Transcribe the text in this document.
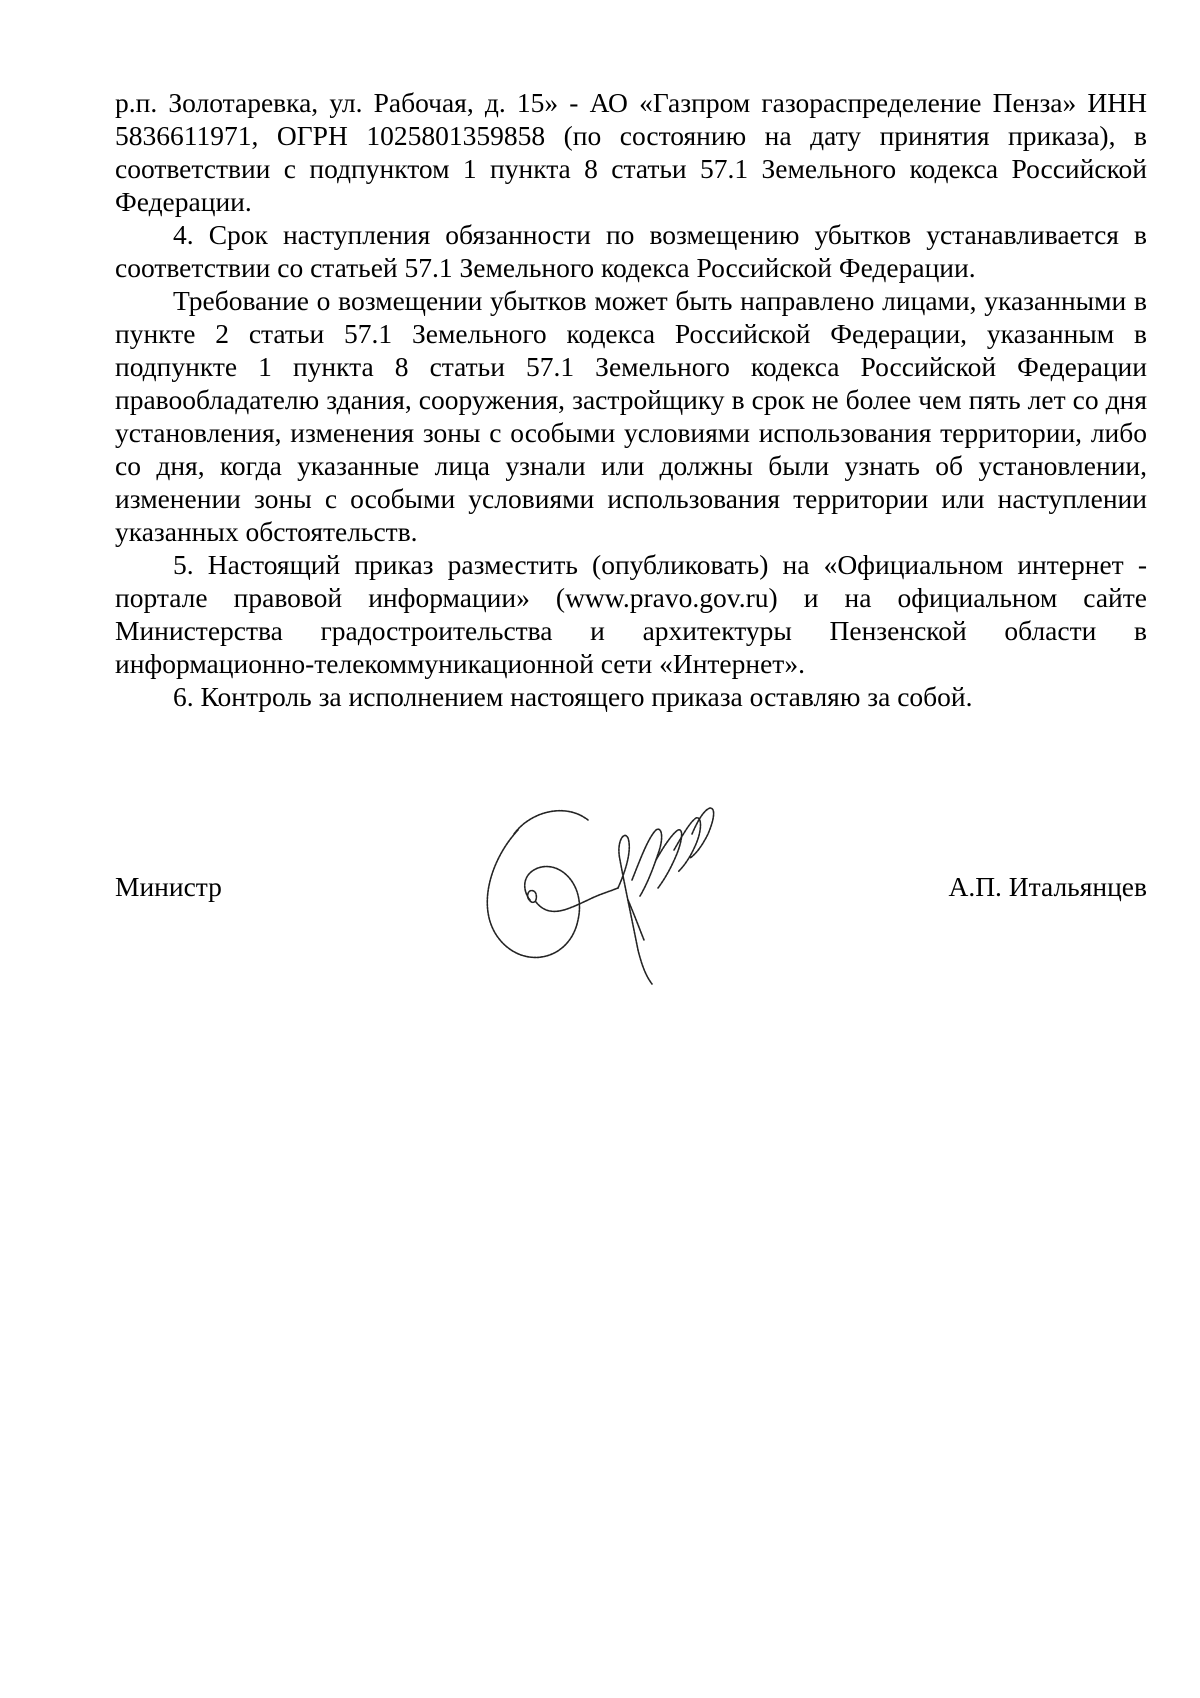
р.п. Золотаревка, ул. Рабочая, д. 15» - АО «Газпром газораспределение Пенза» ИНН 5836611971, ОГРН 1025801359858 (по состоянию на дату принятия приказа), в соответствии с подпунктом 1 пункта 8 статьи 57.1 Земельного кодекса Российской Федерации.

4. Срок наступления обязанности по возмещению убытков устанавливается в соответствии со статьей 57.1 Земельного кодекса Российской Федерации.

Требование о возмещении убытков может быть направлено лицами, указанными в пункте 2 статьи 57.1 Земельного кодекса Российской Федерации, указанным в подпункте 1 пункта 8 статьи 57.1 Земельного кодекса Российской Федерации правообладателю здания, сооружения, застройщику в срок не более чем пять лет со дня установления, изменения зоны с особыми условиями использования территории, либо со дня, когда указанные лица узнали или должны были узнать об установлении, изменении зоны с особыми условиями использования территории или наступлении указанных обстоятельств.

5. Настоящий приказ разместить (опубликовать) на «Официальном интернет - портале правовой информации» (www.pravo.gov.ru) и на официальном сайте Министерства градостроительства и архитектуры Пензенской области в информационно-телекоммуникационной сети «Интернет».

6. Контроль за исполнением настоящего приказа оставляю за собой.

Министр	А.П. Итальянцев
